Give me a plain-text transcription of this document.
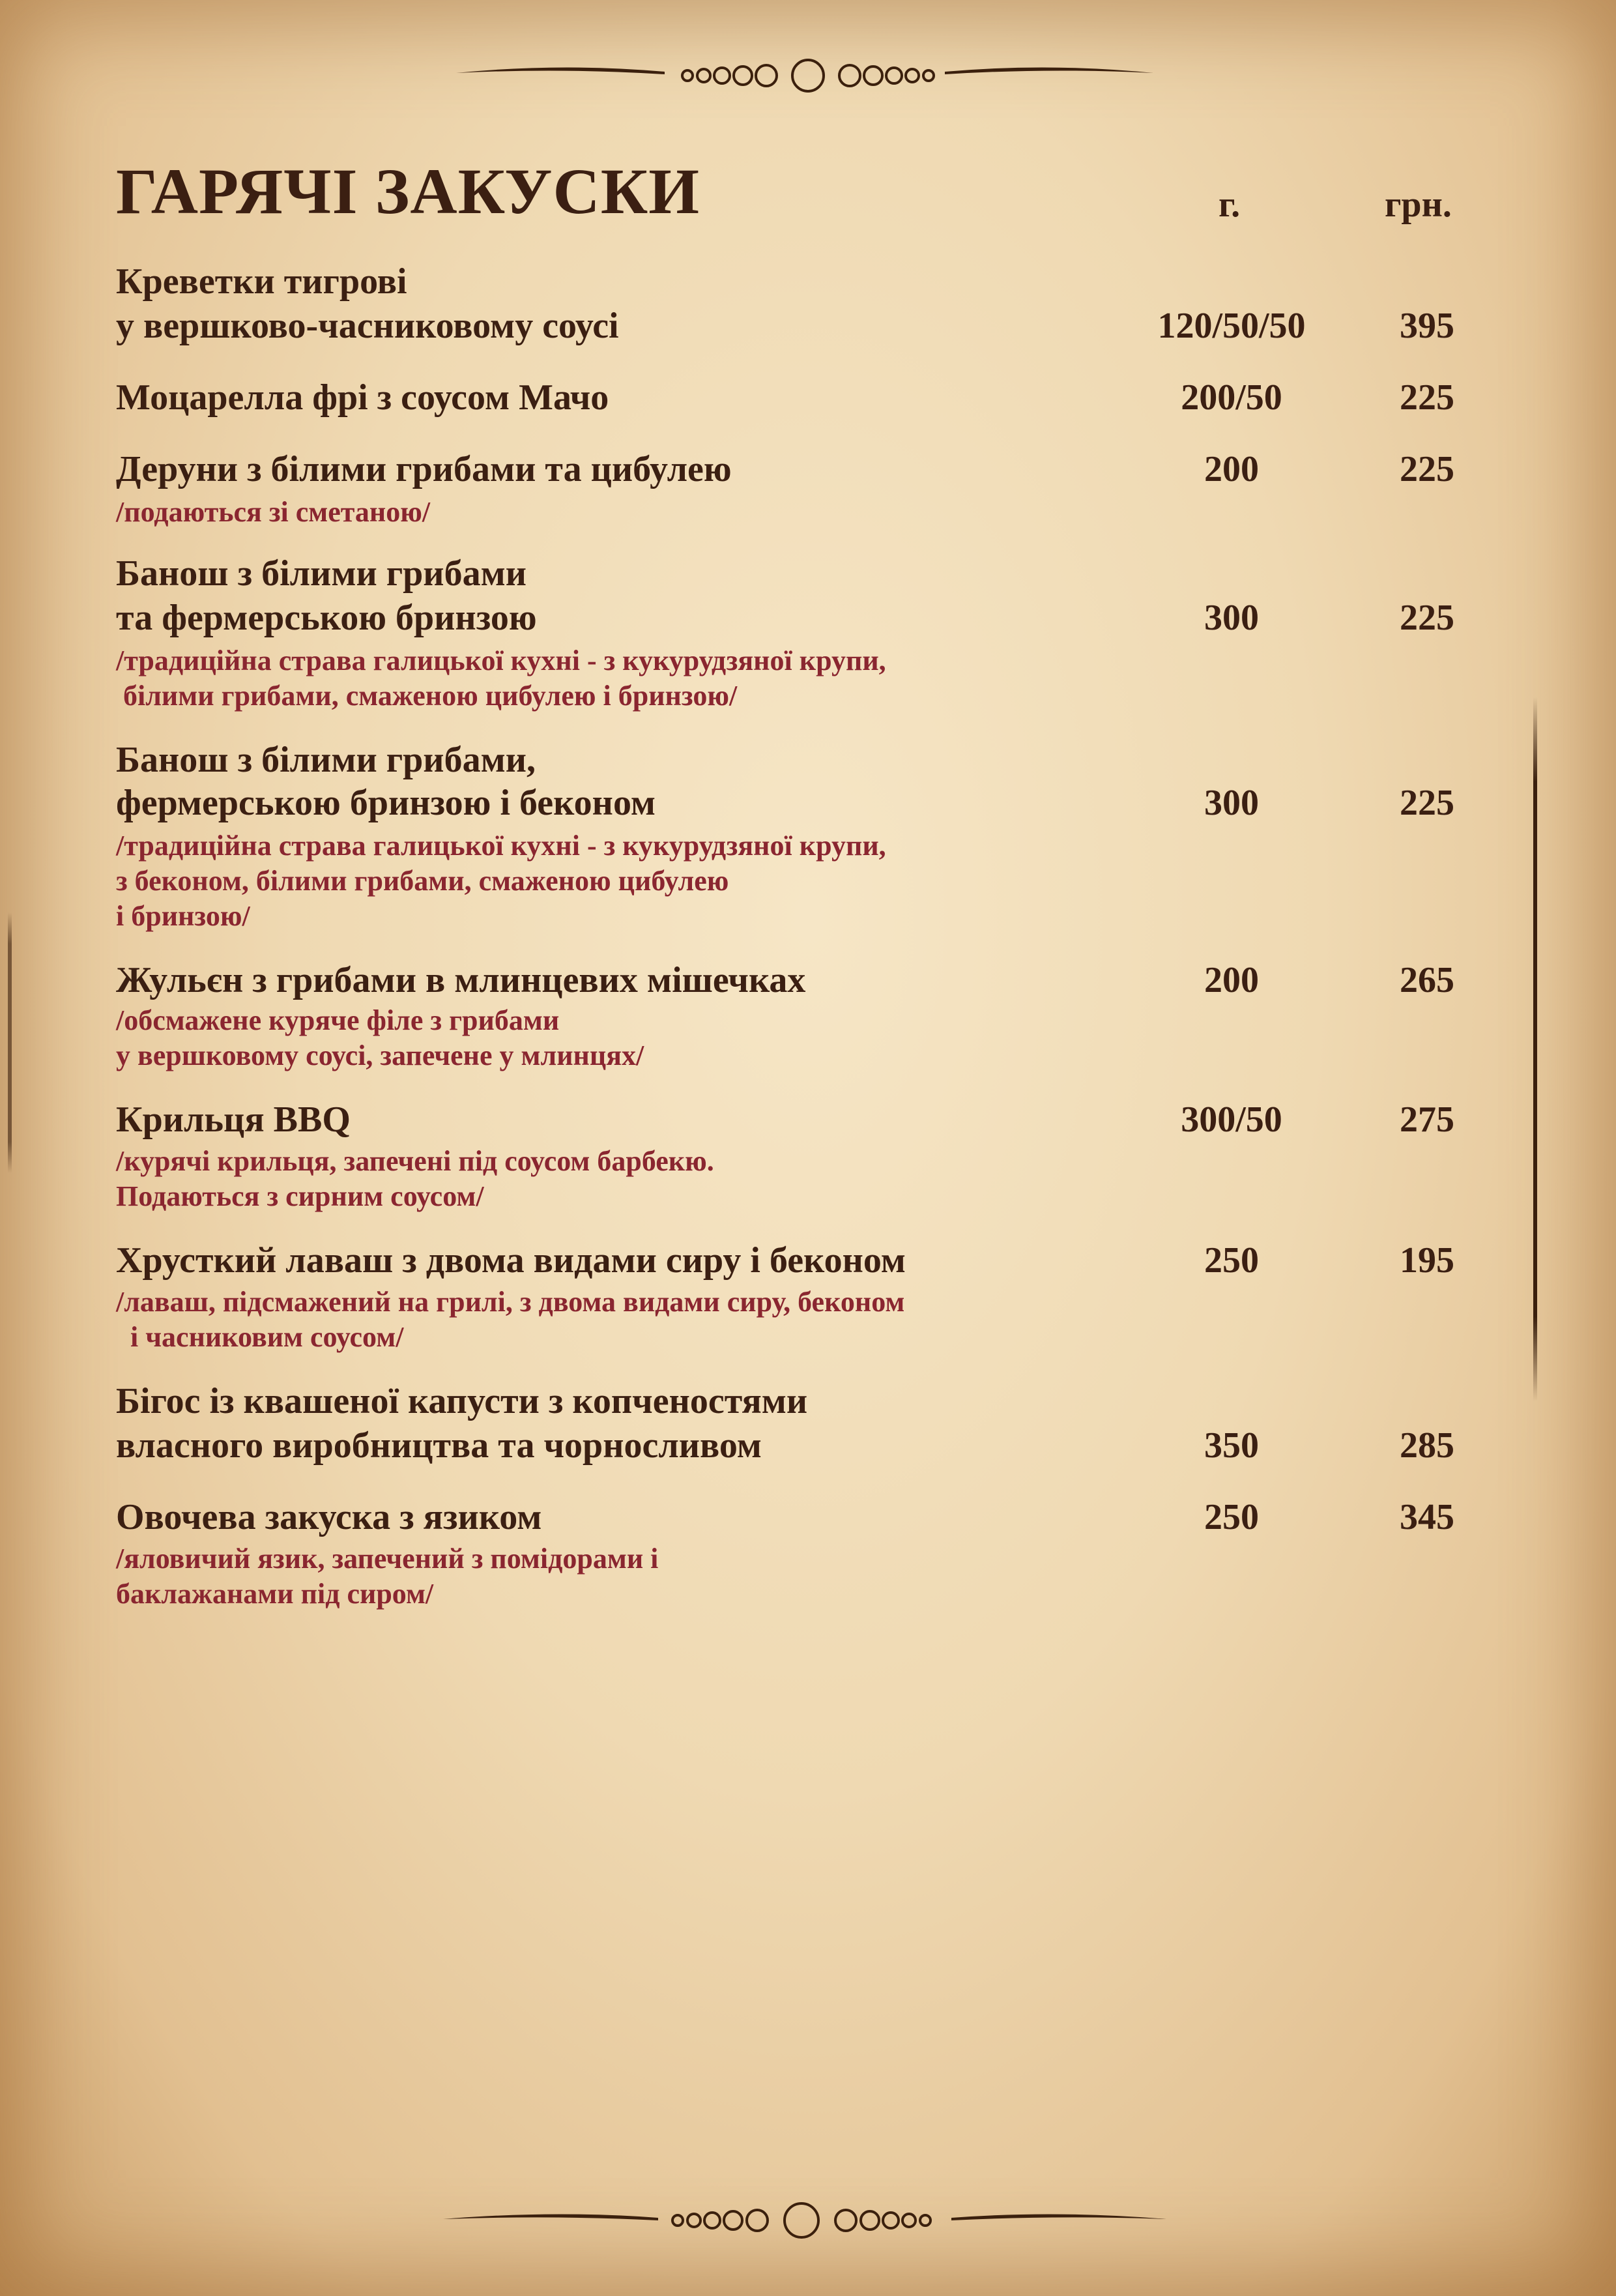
ГАРЯЧІ ЗАКУСКИ	г.	грн.
Креветки тигрові
у вершково-часниковому соусі	120/50/50	395
Моцарелла фрі з соусом Мачо	200/50	225
Деруни з білими грибами та цибулею	200	225
/подаються зі сметаною/
Банош з білими грибами
та фермерською бринзою	300	225
/традиційна страва галицької кухні - з кукурудзяної крупи,
білими грибами, смаженою цибулею і бринзою/
Банош з білими грибами,
фермерською бринзою і беконом	300	225
/традиційна страва галицької кухні - з кукурудзяної крупи,
з беконом, білими грибами, смаженою цибулею
і бринзою/
Жульєн з грибами в млинцевих мішечках	200	265
/обсмажене куряче філе з грибами
у вершковому соусі, запечене у млинцях/
Крильця BBQ	300/50	275
/курячі крильця, запечені під соусом барбекю.
Подаються з сирним соусом/
Хрусткий лаваш з двома видами сиру і беконом	250	195
/лаваш, підсмажений на грилі, з двома видами сиру, беконом
і часниковим соусом/
Бігос із квашеної капусти з копченостями
власного виробництва та чорносливом	350	285
Овочева закуска з язиком	250	345
/яловичий язик, запечений з помідорами і
баклажанами під сиром/
